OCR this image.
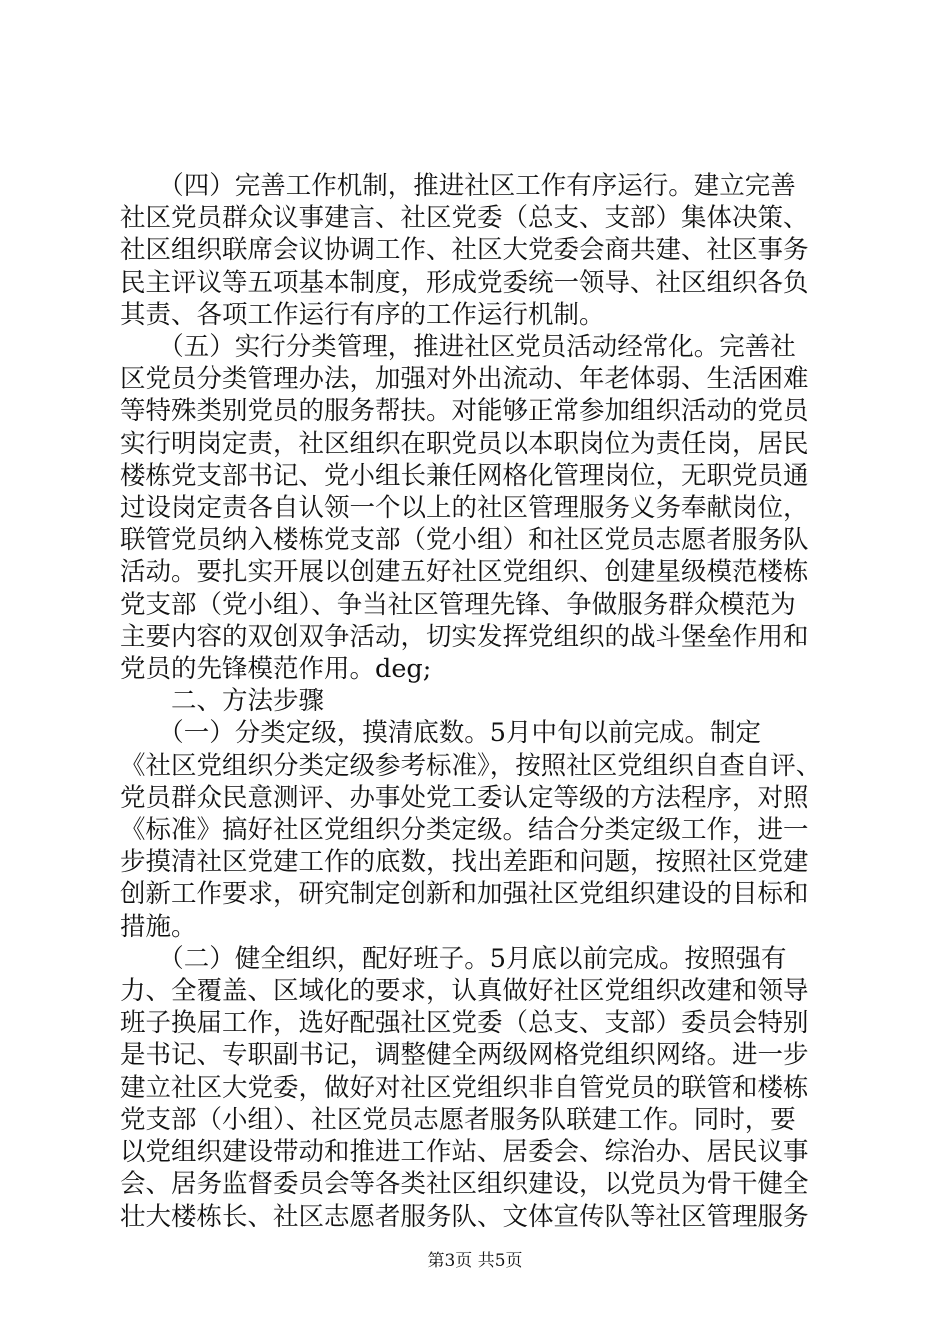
　　（四）完善工作机制，推进社区工作有序运行。建立完善
社区党员群众议事建言、社区党委（总支、支部）集体决策、
社区组织联席会议协调工作、社区大党委会商共建、社区事务
民主评议等五项基本制度，形成党委统一领导、社区组织各负
其责、各项工作运行有序的工作运行机制。
　　（五）实行分类管理，推进社区党员活动经常化。完善社
区党员分类管理办法，加强对外出流动、年老体弱、生活困难
等特殊类别党员的服务帮扶。对能够正常参加组织活动的党员
实行明岗定责，社区组织在职党员以本职岗位为责任岗，居民
楼栋党支部书记、党小组长兼任网格化管理岗位，无职党员通
过设岗定责各自认领一个以上的社区管理服务义务奉献岗位，
联管党员纳入楼栋党支部（党小组）和社区党员志愿者服务队
活动。要扎实开展以创建五好社区党组织、创建星级模范楼栋
党支部（党小组）、争当社区管理先锋、争做服务群众模范为
主要内容的双创双争活动，切实发挥党组织的战斗堡垒作用和
党员的先锋模范作用。deg;
　　二、方法步骤
　　（一）分类定级，摸清底数。5月中旬以前完成。制定
《社区党组织分类定级参考标准》，按照社区党组织自查自评、
党员群众民意测评、办事处党工委认定等级的方法程序，对照
《标准》搞好社区党组织分类定级。结合分类定级工作，进一
步摸清社区党建工作的底数，找出差距和问题，按照社区党建
创新工作要求，研究制定创新和加强社区党组织建设的目标和
措施。
　　（二）健全组织，配好班子。5月底以前完成。按照强有
力、全覆盖、区域化的要求，认真做好社区党组织改建和领导
班子换届工作，选好配强社区党委（总支、支部）委员会特别
是书记、专职副书记，调整健全两级网格党组织网络。进一步
建立社区大党委，做好对社区党组织非自管党员的联管和楼栋
党支部（小组）、社区党员志愿者服务队联建工作。同时，要
以党组织建设带动和推进工作站、居委会、综治办、居民议事
会、居务监督委员会等各类社区组织建设，以党员为骨干健全
壮大楼栋长、社区志愿者服务队、文体宣传队等社区管理服务
第3页 共5页
